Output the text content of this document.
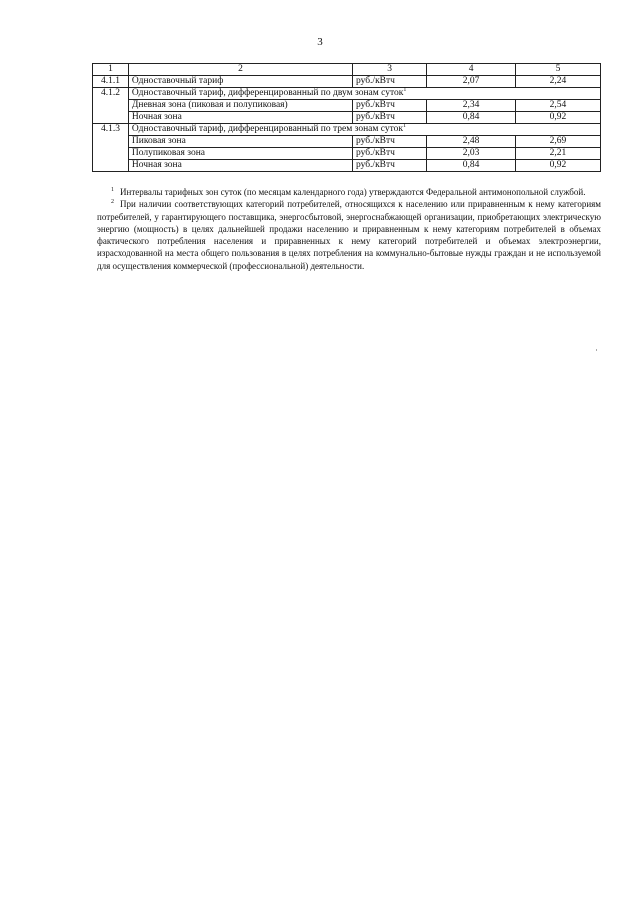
3
1	2	3	4	5
4.1.1	Одноставочный тариф	руб./кВтч	2,07	2,24
4.1.2	Одноставочный тариф, дифференцированный по двум зонам суток$^1$
	Дневная зона (пиковая и полупиковая)	руб./кВтч	2,34	2,54
	Ночная зона	руб./кВтч	0,84	0,92
4.1.3	Одноставочный тариф, дифференцированный по трем зонам суток$^1$
	Пиковая зона	руб./кВтч	2,48	2,69
	Полупиковая зона	руб./кВтч	2,03	2,21
	Ночная зона	руб./кВтч	0,84	0,92

$^1$ Интервалы тарифных зон суток (по месяцам календарного года) утверждаются Федеральной антимонопольной службой.

$^2$ При наличии соответствующих категорий потребителей, относящихся к населению или приравненным к нему категориям потребителей, у гарантирующего поставщика, энергосбытовой, энергоснабжающей организации, приобретающих электрическую энергию (мощность) в целях дальнейшей продажи населению и приравненным к нему категориям потребителей в объемах фактического потребления населения и приравненных к нему категорий потребителей и объемах электроэнергии, израсходованной на места общего пользования в целях потребления на коммунально-бытовые нужды граждан и не используемой для осуществления коммерческой (профессиональной) деятельности.
